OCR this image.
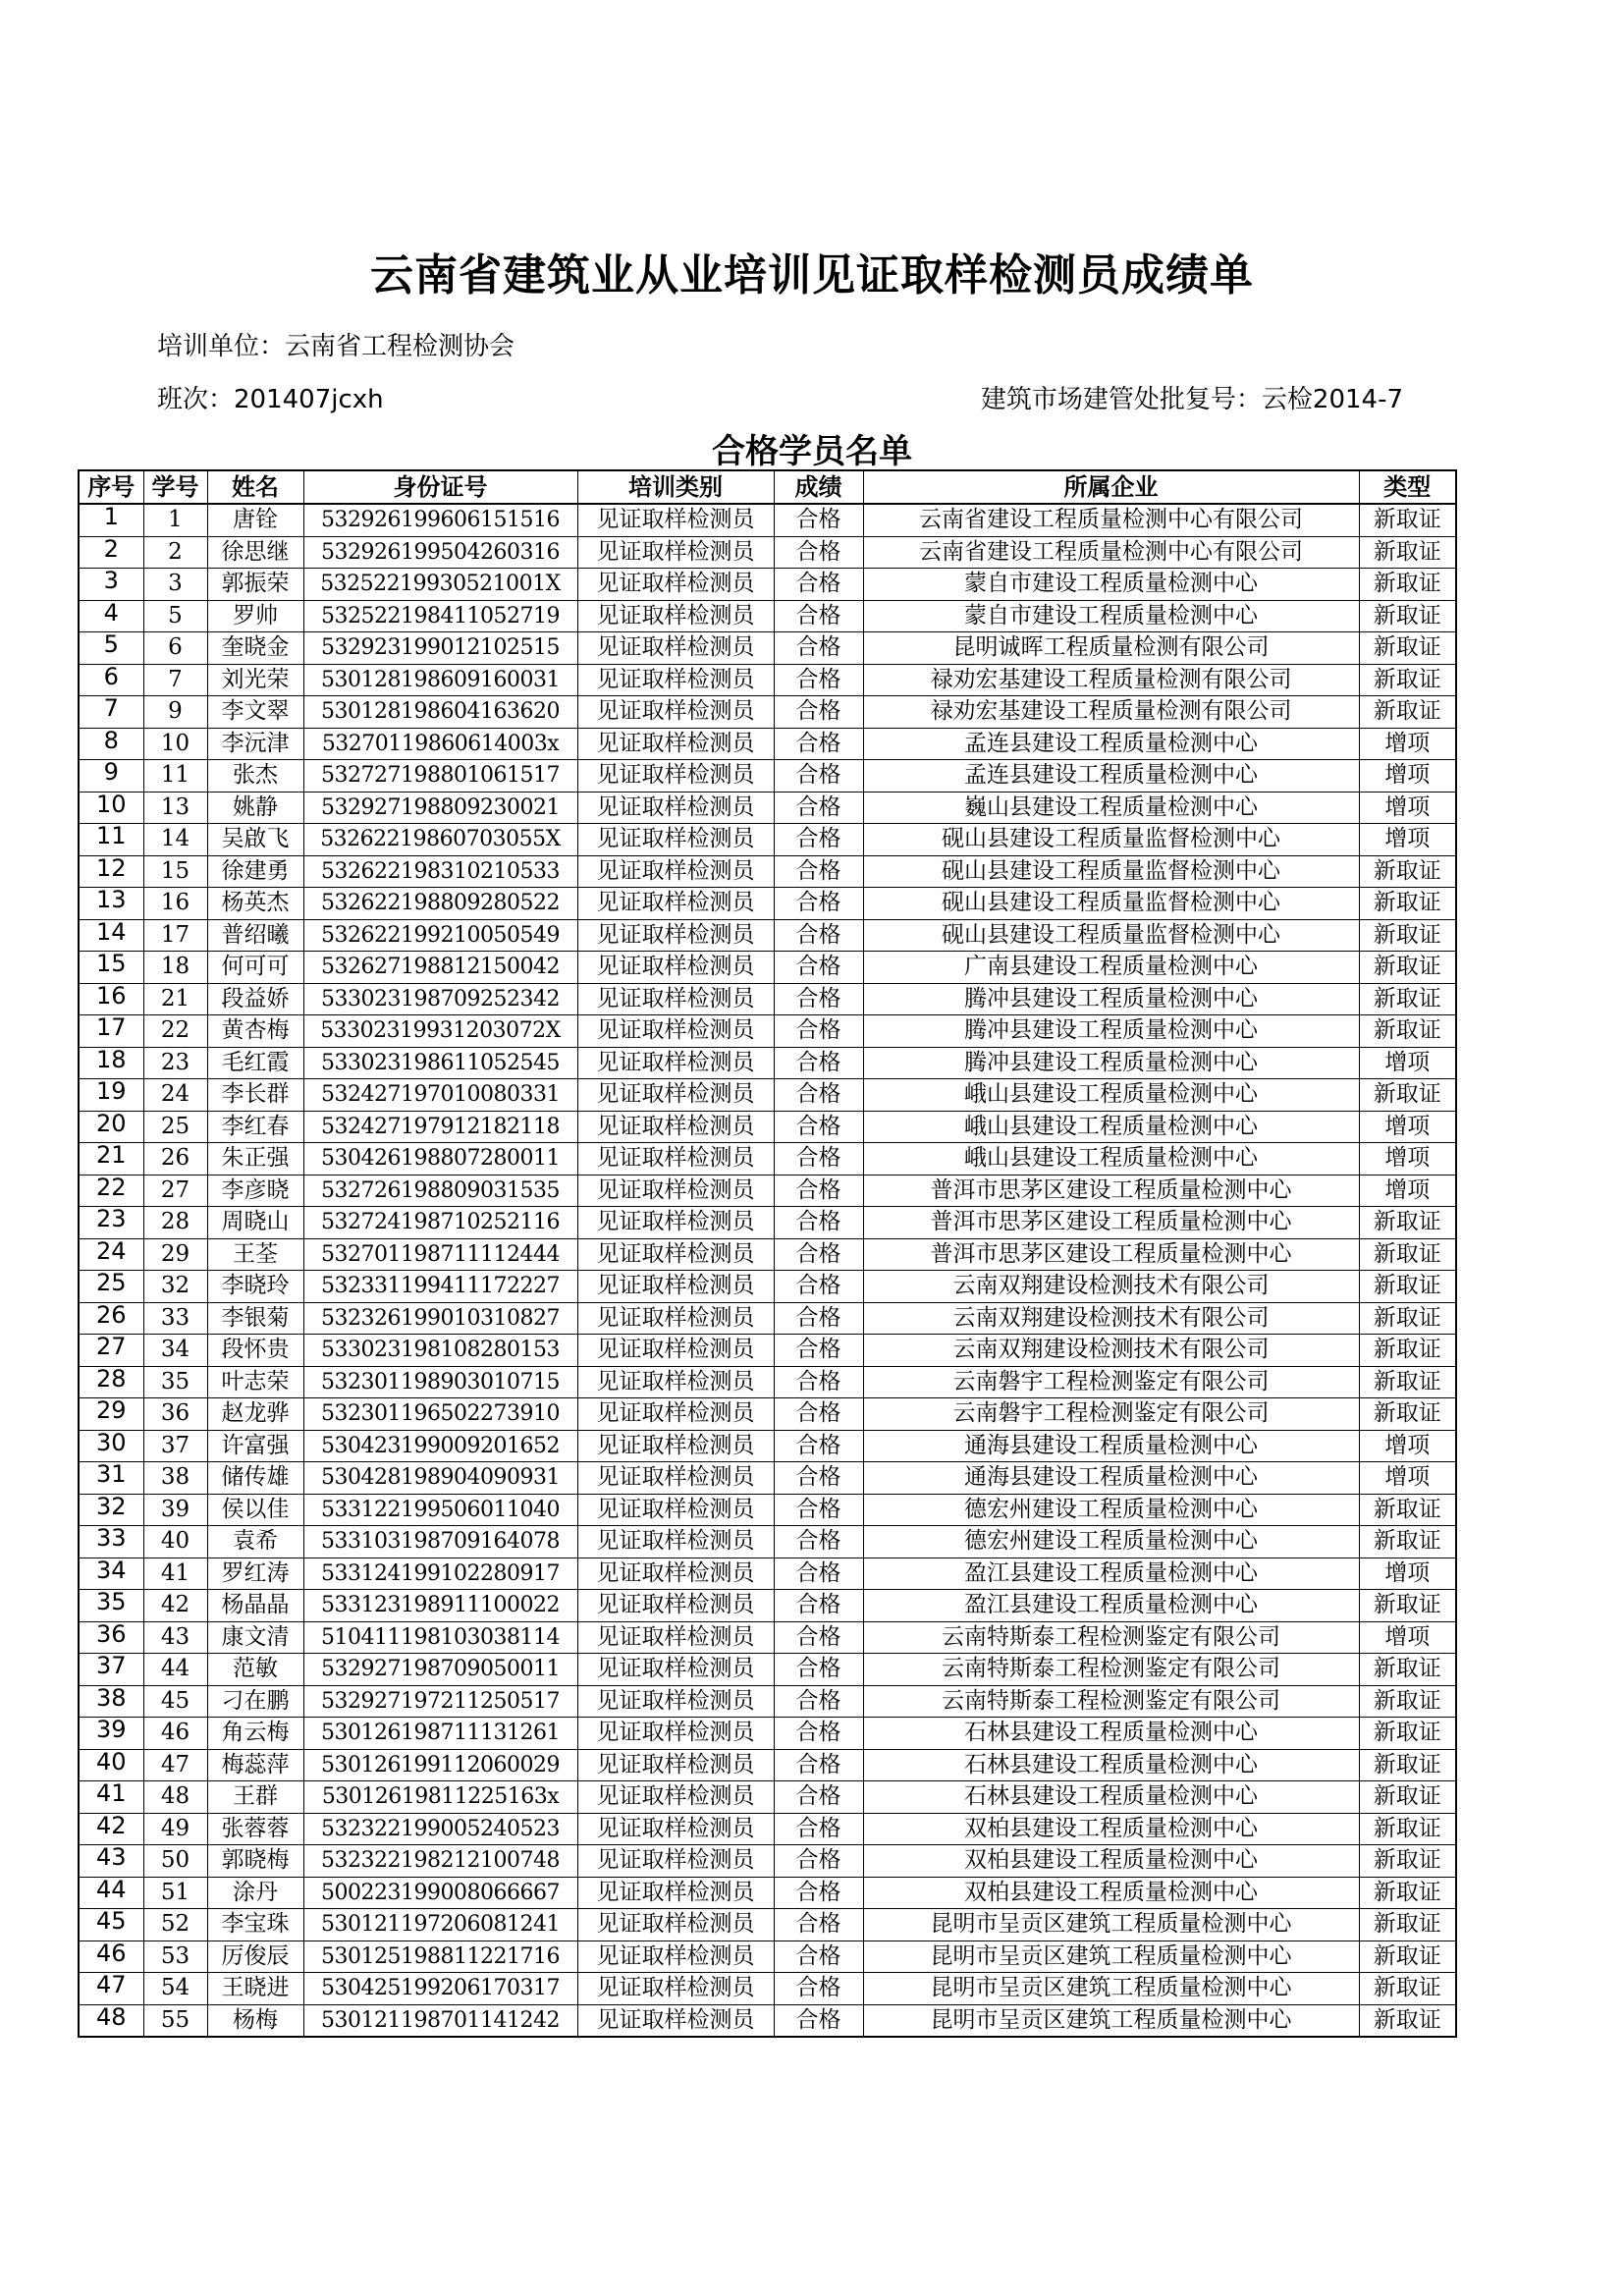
云南省建筑业从业培训见证取样检测员成绩单
培训单位：云南省工程检测协会
班次：201407jcxh	建筑市场建管处批复号：云检2014-7
合格学员名单
序号	学号	姓名	身份证号	培训类别	成绩	所属企业	类型
1	1	唐铨	532926199606151516	见证取样检测员	合格	云南省建设工程质量检测中心有限公司	新取证
2	2	徐思继	532926199504260316	见证取样检测员	合格	云南省建设工程质量检测中心有限公司	新取证
3	3	郭振荣	53252219930521001X	见证取样检测员	合格	蒙自市建设工程质量检测中心	新取证
4	5	罗帅	532522198411052719	见证取样检测员	合格	蒙自市建设工程质量检测中心	新取证
5	6	奎晓金	532923199012102515	见证取样检测员	合格	昆明诚晖工程质量检测有限公司	新取证
6	7	刘光荣	530128198609160031	见证取样检测员	合格	禄劝宏基建设工程质量检测有限公司	新取证
7	9	李文翠	530128198604163620	见证取样检测员	合格	禄劝宏基建设工程质量检测有限公司	新取证
8	10	李沅津	53270119860614003x	见证取样检测员	合格	孟连县建设工程质量检测中心	增项
9	11	张杰	532727198801061517	见证取样检测员	合格	孟连县建设工程质量检测中心	增项
10	13	姚静	532927198809230021	见证取样检测员	合格	巍山县建设工程质量检测中心	增项
11	14	吴啟飞	53262219860703055X	见证取样检测员	合格	砚山县建设工程质量监督检测中心	增项
12	15	徐建勇	532622198310210533	见证取样检测员	合格	砚山县建设工程质量监督检测中心	新取证
13	16	杨英杰	532622198809280522	见证取样检测员	合格	砚山县建设工程质量监督检测中心	新取证
14	17	普绍曦	532622199210050549	见证取样检测员	合格	砚山县建设工程质量监督检测中心	新取证
15	18	何可可	532627198812150042	见证取样检测员	合格	广南县建设工程质量检测中心	新取证
16	21	段益娇	533023198709252342	见证取样检测员	合格	腾冲县建设工程质量检测中心	新取证
17	22	黄杏梅	53302319931203072X	见证取样检测员	合格	腾冲县建设工程质量检测中心	新取证
18	23	毛红霞	533023198611052545	见证取样检测员	合格	腾冲县建设工程质量检测中心	增项
19	24	李长群	532427197010080331	见证取样检测员	合格	峨山县建设工程质量检测中心	新取证
20	25	李红春	532427197912182118	见证取样检测员	合格	峨山县建设工程质量检测中心	增项
21	26	朱正强	530426198807280011	见证取样检测员	合格	峨山县建设工程质量检测中心	增项
22	27	李彦晓	532726198809031535	见证取样检测员	合格	普洱市思茅区建设工程质量检测中心	增项
23	28	周晓山	532724198710252116	见证取样检测员	合格	普洱市思茅区建设工程质量检测中心	新取证
24	29	王荃	532701198711112444	见证取样检测员	合格	普洱市思茅区建设工程质量检测中心	新取证
25	32	李晓玲	532331199411172227	见证取样检测员	合格	云南双翔建设检测技术有限公司	新取证
26	33	李银菊	532326199010310827	见证取样检测员	合格	云南双翔建设检测技术有限公司	新取证
27	34	段怀贵	533023198108280153	见证取样检测员	合格	云南双翔建设检测技术有限公司	新取证
28	35	叶志荣	532301198903010715	见证取样检测员	合格	云南磐宇工程检测鉴定有限公司	新取证
29	36	赵龙骅	532301196502273910	见证取样检测员	合格	云南磐宇工程检测鉴定有限公司	新取证
30	37	许富强	530423199009201652	见证取样检测员	合格	通海县建设工程质量检测中心	增项
31	38	储传雄	530428198904090931	见证取样检测员	合格	通海县建设工程质量检测中心	增项
32	39	侯以佳	533122199506011040	见证取样检测员	合格	德宏州建设工程质量检测中心	新取证
33	40	袁希	533103198709164078	见证取样检测员	合格	德宏州建设工程质量检测中心	新取证
34	41	罗红涛	533124199102280917	见证取样检测员	合格	盈江县建设工程质量检测中心	增项
35	42	杨晶晶	533123198911100022	见证取样检测员	合格	盈江县建设工程质量检测中心	新取证
36	43	康文清	510411198103038114	见证取样检测员	合格	云南特斯泰工程检测鉴定有限公司	增项
37	44	范敏	532927198709050011	见证取样检测员	合格	云南特斯泰工程检测鉴定有限公司	新取证
38	45	刁在鹏	532927197211250517	见证取样检测员	合格	云南特斯泰工程检测鉴定有限公司	新取证
39	46	角云梅	530126198711131261	见证取样检测员	合格	石林县建设工程质量检测中心	新取证
40	47	梅蕊萍	530126199112060029	见证取样检测员	合格	石林县建设工程质量检测中心	新取证
41	48	王群	53012619811225163x	见证取样检测员	合格	石林县建设工程质量检测中心	新取证
42	49	张蓉蓉	532322199005240523	见证取样检测员	合格	双柏县建设工程质量检测中心	新取证
43	50	郭晓梅	532322198212100748	见证取样检测员	合格	双柏县建设工程质量检测中心	新取证
44	51	涂丹	500223199008066667	见证取样检测员	合格	双柏县建设工程质量检测中心	新取证
45	52	李宝珠	530121197206081241	见证取样检测员	合格	昆明市呈贡区建筑工程质量检测中心	新取证
46	53	厉俊辰	530125198811221716	见证取样检测员	合格	昆明市呈贡区建筑工程质量检测中心	新取证
47	54	王晓进	530425199206170317	见证取样检测员	合格	昆明市呈贡区建筑工程质量检测中心	新取证
48	55	杨梅	530121198701141242	见证取样检测员	合格	昆明市呈贡区建筑工程质量检测中心	新取证
